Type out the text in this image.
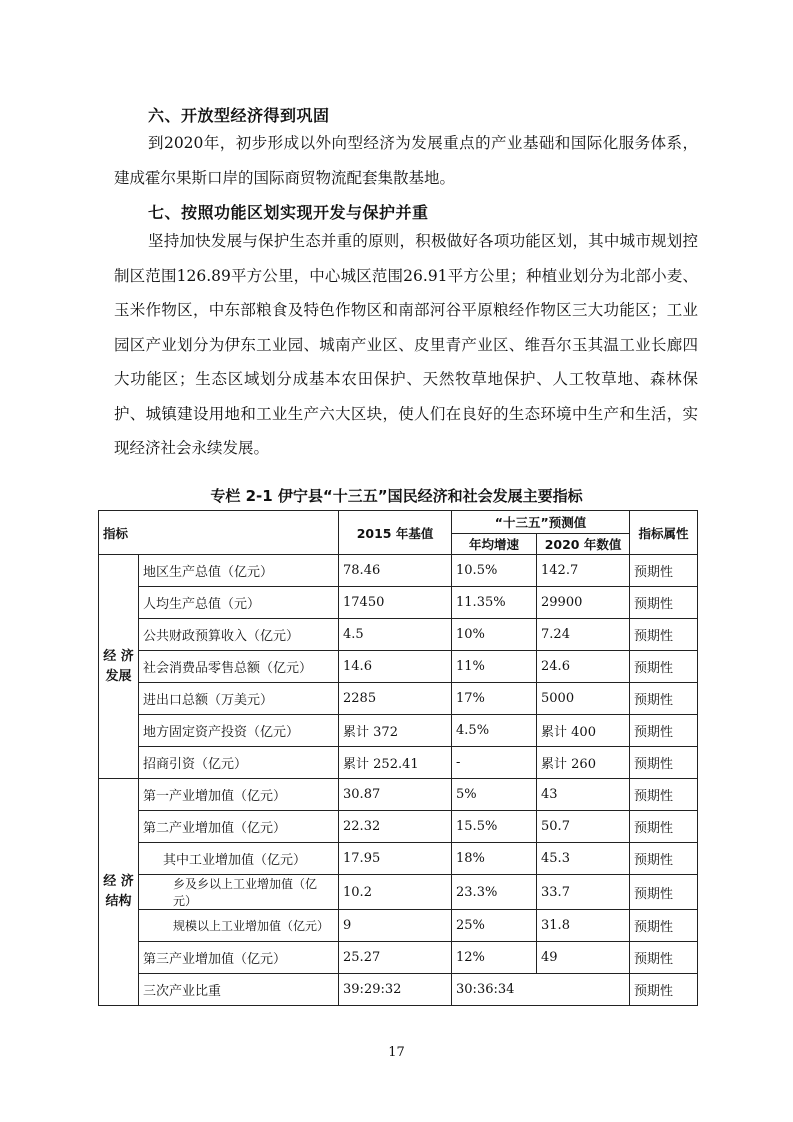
六、开放型经济得到巩固

到2020年，初步形成以外向型经济为发展重点的产业基础和国际化服务体系，建成霍尔果斯口岸的国际商贸物流配套集散基地。

七、按照功能区划实现开发与保护并重

坚持加快发展与保护生态并重的原则，积极做好各项功能区划，其中城市规划控制区范围126.89平方公里，中心城区范围26.91平方公里；种植业划分为北部小麦、玉米作物区，中东部粮食及特色作物区和南部河谷平原粮经作物区三大功能区；工业园区产业划分为伊东工业园、城南产业区、皮里青产业区、维吾尔玉其温工业长廊四大功能区；生态区域划分成基本农田保护、天然牧草地保护、人工牧草地、森林保护、城镇建设用地和工业生产六大区块，使人们在良好的生态环境中生产和生活，实现经济社会永续发展。

专栏 2-1 伊宁县“十三五”国民经济和社会发展主要指标
指标		2015 年基值	“十三五”预测值		指标属性
			年均增速	2020 年数值	
经 济
发展	地区生产总值（亿元）	78.46	10.5%	142.7	预期性
	人均生产总值（元）	17450	11.35%	29900	预期性
	公共财政预算收入（亿元）	4.5	10%	7.24	预期性
	社会消费品零售总额（亿元）	14.6	11%	24.6	预期性
	进出口总额（万美元）	2285	17%	5000	预期性
	地方固定资产投资（亿元）	累计 372	4.5%	累计 400	预期性
	招商引资（亿元）	累计 252.41	-	累计 260	预期性
经 济
结构	第一产业增加值（亿元）	30.87	5%	43	预期性
	第二产业增加值（亿元）	22.32	15.5%	50.7	预期性
	其中工业增加值（亿元）	17.95	18%	45.3	预期性
	乡及乡以上工业增加值（亿元）	10.2	23.3%	33.7	预期性
	规模以上工业增加值（亿元）	9	25%	31.8	预期性
	第三产业增加值（亿元）	25.27	12%	49	预期性
	三次产业比重	39:29:32	30:36:34		预期性
17
